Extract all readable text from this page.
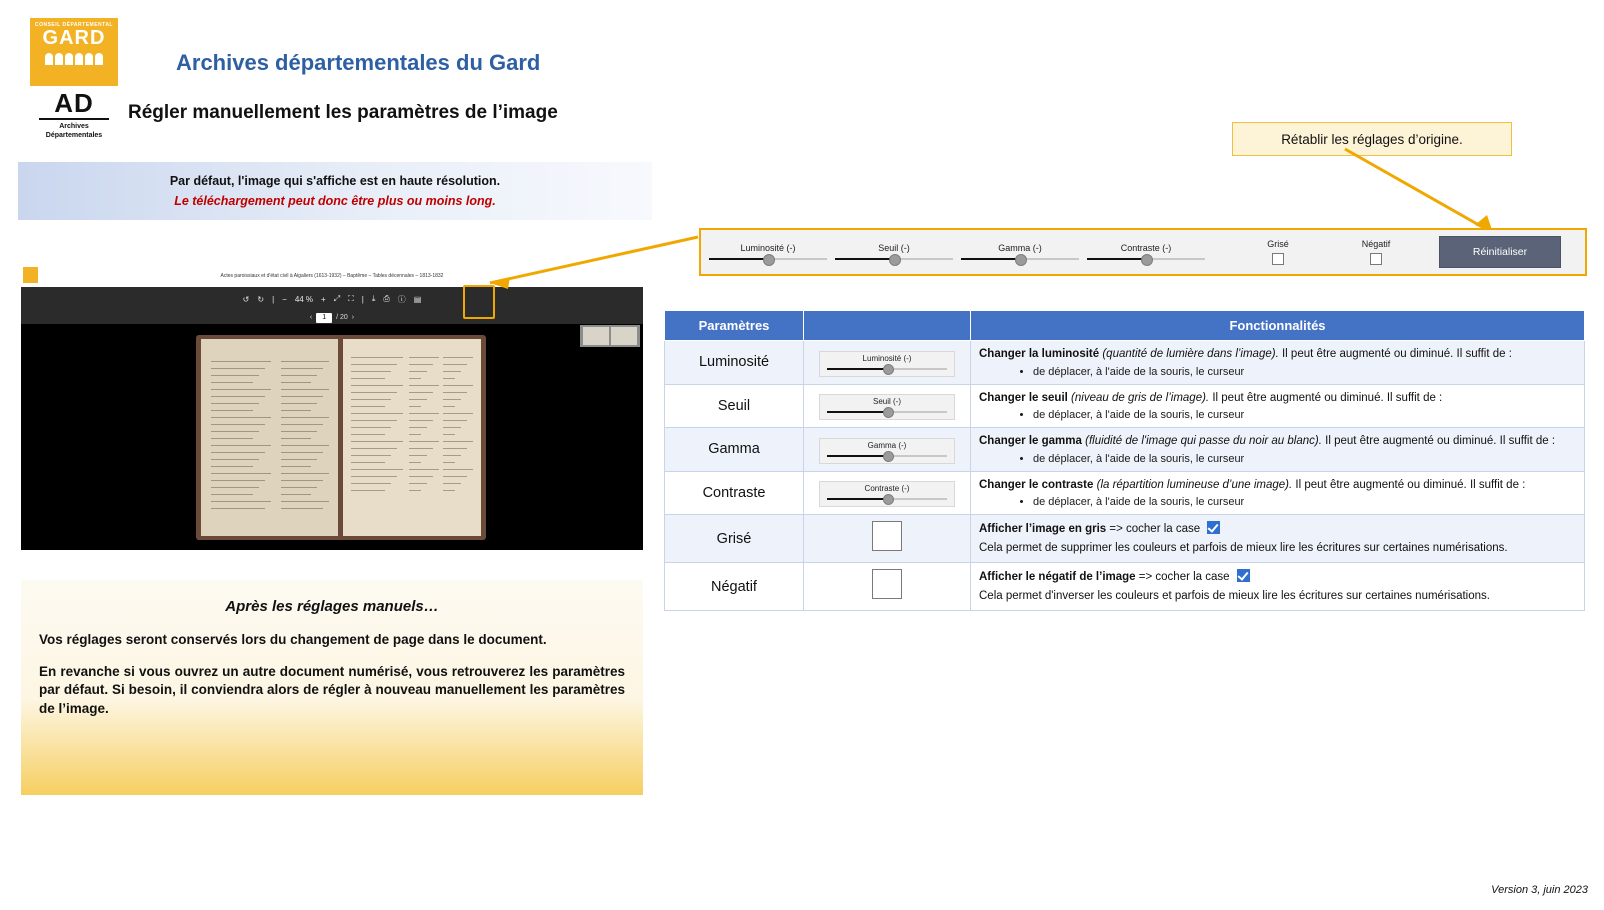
CONSEIL DÉPARTEMENTAL
GARD
AD
Archives
Départementales
Archives départementales du Gard
Régler manuellement les paramètres de l’image
Par défaut, l'image qui s'affiche est en haute résolution.
Le téléchargement peut donc être plus ou moins long.
Actes paroissiaux et d'état civil à Aigaliers (1613-1932) – Baptême – Tables décennales – 1813-1832
↺ ↻ | − 44 % + ⤢ ⛶ | ⤓ ⎙ ⓘ ▤
‹	1	/ 20 ›
Après les réglages manuels…

Vos réglages seront conservés lors du changement de page dans le document.

En revanche si vous ouvrez un autre document numérisé, vous retrouverez les paramètres par défaut. Si besoin, il conviendra alors de régler à nouveau manuellement les paramètres de l’image.

Rétablir les réglages d’origine.
Luminosité (-)	Seuil (-)	Gamma (-)	Contraste (-)	Grisé	Négatif
Réinitialiser
Paramètres		Fonctionnalités
Luminosité	Luminosité (-)	Changer la luminosité (quantité de lumière dans l’image). Il peut être augmenté ou diminué. Il suffit de :
• de déplacer, à l'aide de la souris, le curseur

Seuil	Seuil (-)	Changer le seuil (niveau de gris de l’image). Il peut être augmenté ou diminué. Il suffit de :
• de déplacer, à l'aide de la souris, le curseur

Gamma	Gamma (-)	Changer le gamma (fluidité de l'image qui passe du noir au blanc). Il peut être augmenté ou diminué. Il suffit de :
• de déplacer, à l'aide de la souris, le curseur

Contraste	Contraste (-)	Changer le contraste (la répartition lumineuse d’une image). Il peut être augmenté ou diminué. Il suffit de :
• de déplacer, à l'aide de la souris, le curseur

Grisé		Afficher l’image en gris => cocher la case
Cela permet de supprimer les couleurs et parfois de mieux lire les écritures sur certaines numérisations.

Négatif		Afficher le négatif de l’image => cocher la case
Cela permet d'inverser les couleurs et parfois de mieux lire les écritures sur certaines numérisations.
Version 3, juin 2023
